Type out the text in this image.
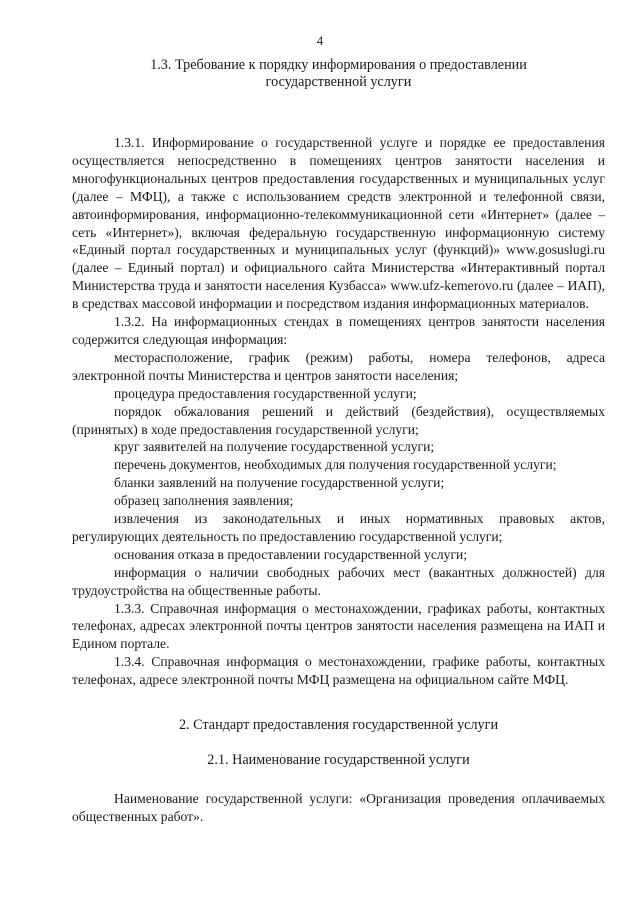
4
1.3. Требование к порядку информирования о предоставлении
государственной услуги

1.3.1. Информирование о государственной услуге и порядке ее предоставления осуществляется непосредственно в помещениях центров занятости населения и многофункциональных центров предоставления государственных и муниципальных услуг (далее – МФЦ), а также с использованием средств электронной и телефонной связи, автоинформирования, информационно-телекоммуникационной сети «Интернет» (далее – сеть «Интернет»), включая федеральную государственную информационную систему «Единый портал государственных и муниципальных услуг (функций)» www.gosuslugi.ru (далее – Единый портал) и официального сайта Министерства «Интерактивный портал Министерства труда и занятости населения Кузбасса» www.ufz-kemerovo.ru (далее – ИАП), в средствах массовой информации и посредством издания информационных материалов.

1.3.2. На информационных стендах в помещениях центров занятости населения содержится следующая информация:

месторасположение, график (режим) работы, номера телефонов, адреса электронной почты Министерства и центров занятости населения;

процедура предоставления государственной услуги;

порядок обжалования решений и действий (бездействия), осуществляемых (принятых) в ходе предоставления государственной услуги;

круг заявителей на получение государственной услуги;

перечень документов, необходимых для получения государственной услуги;

бланки заявлений на получение государственной услуги;

образец заполнения заявления;

извлечения из законодательных и иных нормативных правовых актов, регулирующих деятельность по предоставлению государственной услуги;

основания отказа в предоставлении государственной услуги;

информация о наличии свободных рабочих мест (вакантных должностей) для трудоустройства на общественные работы.

1.3.3. Справочная информация о местонахождении, графиках работы, контактных телефонах, адресах электронной почты центров занятости населения размещена на ИАП и Едином портале.

1.3.4. Справочная информация о местонахождении, графике работы, контактных телефонах, адресе электронной почты МФЦ размещена на официальном сайте МФЦ.

2. Стандарт предоставления государственной услуги
2.1. Наименование государственной услуги

Наименование государственной услуги: «Организация проведения оплачиваемых общественных работ».
